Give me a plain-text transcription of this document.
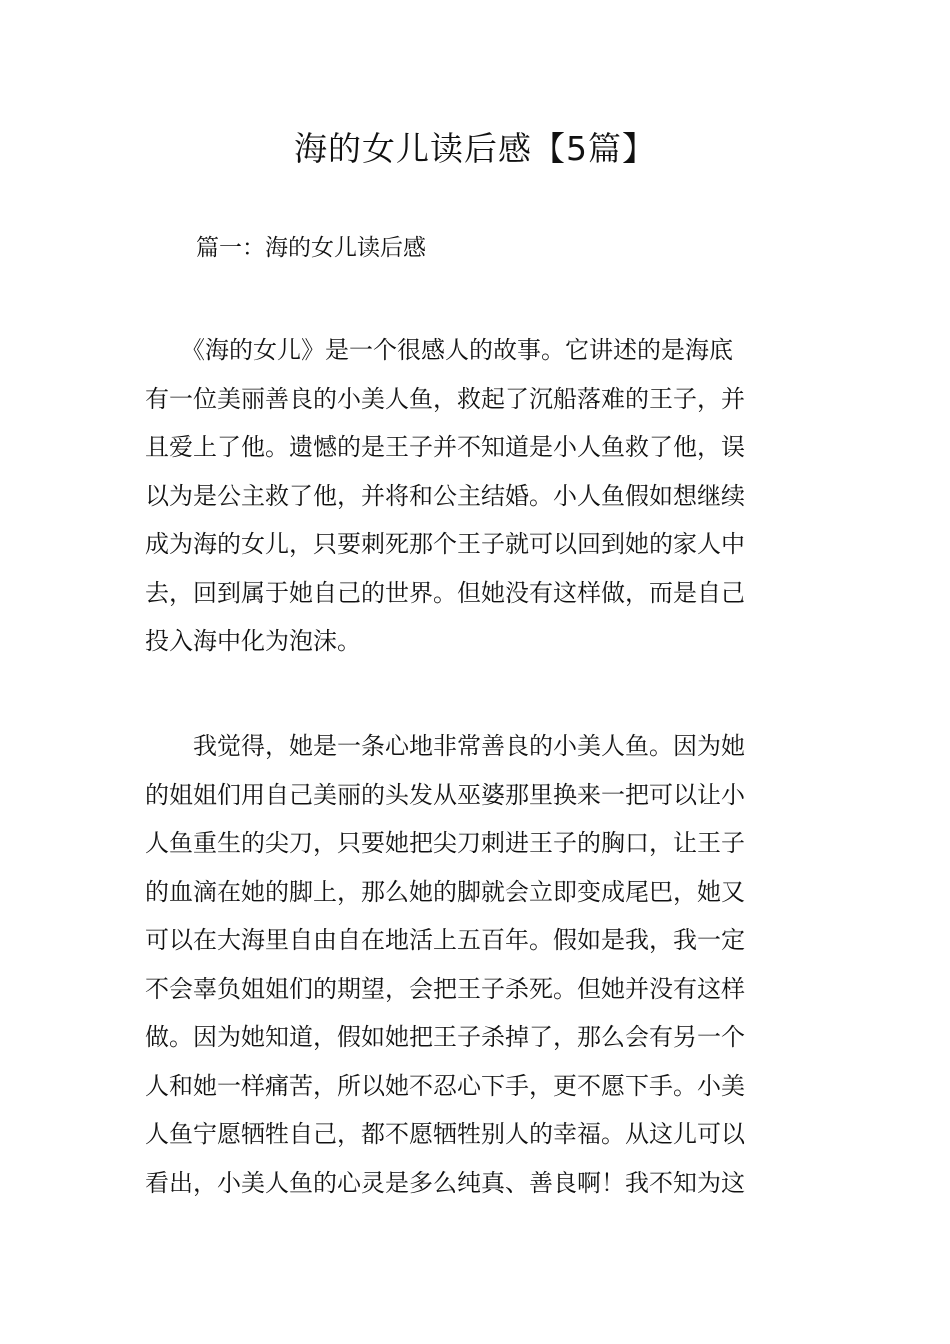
海的女儿读后感【5篇】

篇一：海的女儿读后感

　　《海的女儿》是一个很感人的故事。它讲述的是海底
有一位美丽善良的小美人鱼，救起了沉船落难的王子，并
且爱上了他。遗憾的是王子并不知道是小人鱼救了他，误
以为是公主救了他，并将和公主结婚。小人鱼假如想继续
成为海的女儿，只要刺死那个王子就可以回到她的家人中
去，回到属于她自己的世界。但她没有这样做，而是自己
投入海中化为泡沫。
　　我觉得，她是一条心地非常善良的小美人鱼。因为她
的姐姐们用自己美丽的头发从巫婆那里换来一把可以让小
人鱼重生的尖刀，只要她把尖刀刺进王子的胸口，让王子
的血滴在她的脚上，那么她的脚就会立即变成尾巴，她又
可以在大海里自由自在地活上五百年。假如是我，我一定
不会辜负姐姐们的期望，会把王子杀死。但她并没有这样
做。因为她知道，假如她把王子杀掉了，那么会有另一个
人和她一样痛苦，所以她不忍心下手，更不愿下手。小美
人鱼宁愿牺牲自己，都不愿牺牲别人的幸福。从这儿可以
看出，小美人鱼的心灵是多么纯真、善良啊！我不知为这
